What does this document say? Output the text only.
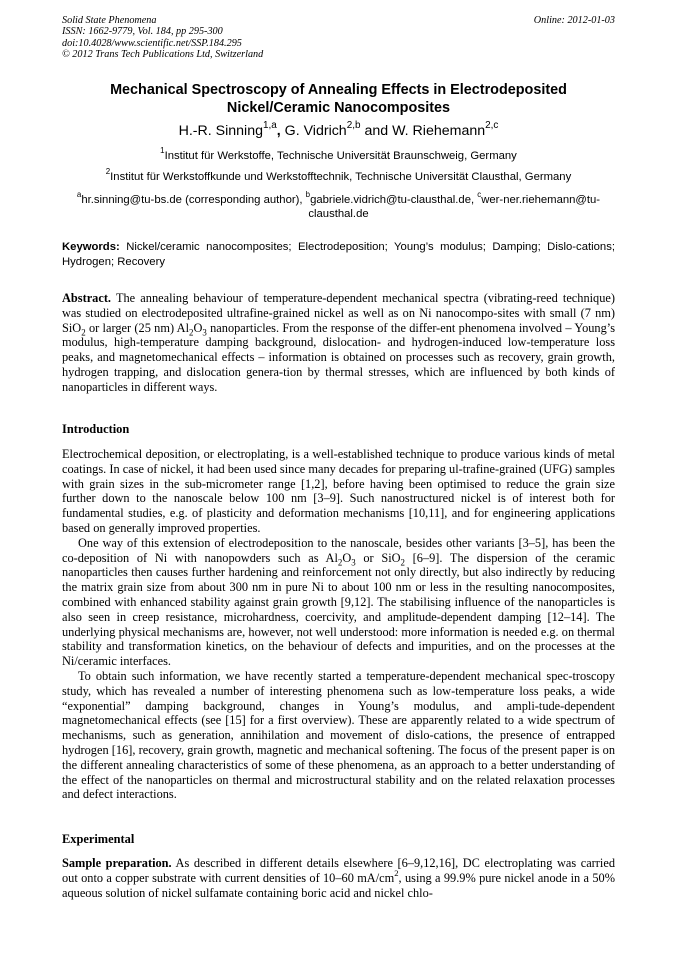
Solid State Phenomena
ISSN: 1662-9779, Vol. 184, pp 295-300
doi:10.4028/www.scientific.net/SSP.184.295
© 2012 Trans Tech Publications Ltd, Switzerland
Online: 2012-01-03
Mechanical Spectroscopy of Annealing Effects in Electrodeposited
Nickel/Ceramic Nanocomposites
H.-R. Sinning$^{1,a}$, G. Vidrich$^{2,b}$ and W. Riehemann$^{2,c}$
$^1$Institut für Werkstoffe, Technische Universität Braunschweig, Germany
$^2$Institut für Werkstoffkunde und Werkstofftechnik, Technische Universität Clausthal, Germany
$^a$hr.sinning@tu-bs.de (corresponding author), $^b$gabriele.vidrich@tu-clausthal.de, $^c$wer-ner.riehemann@tu-clausthal.de
Keywords: Nickel/ceramic nanocomposites; Electrodeposition; Young’s modulus; Damping; Dislo-cations; Hydrogen; Recovery

Abstract. The annealing behaviour of temperature-dependent mechanical spectra (vibrating-reed technique) was studied on electrodeposited ultrafine-grained nickel as well as on Ni nanocompo-sites with small (7 nm) SiO$_2$ or larger (25 nm) $Al_2O_3$ nanoparticles. From the response of the differ-ent phenomena involved – Young’s modulus, high-temperature damping background, dislocation- and hydrogen-induced low-temperature loss peaks, and magnetomechanical effects – information is obtained on processes such as recovery, grain growth, hydrogen trapping, and dislocation genera-tion by thermal stresses, which are influenced by both kinds of nanoparticles in different ways.

Introduction

Electrochemical deposition, or electroplating, is a well-established technique to produce various kinds of metal coatings. In case of nickel, it had been used since many decades for preparing ul-trafine-grained (UFG) samples with grain sizes in the sub-micrometer range [1,2], before having been optimised to reduce the grain size further down to the nanoscale below 100 nm [3–9]. Such nanostructured nickel is of interest both for fundamental studies, e.g. of plasticity and deformation mechanisms [10,11], and for engineering applications based on generally improved properties.

One way of this extension of electrodeposition to the nanoscale, besides other variants [3–5], has been the co-deposition of Ni with nanopowders such as $Al_2O_3$ or SiO$_2$ [6–9]. The dispersion of the ceramic nanoparticles then causes further hardening and reinforcement not only directly, but also indirectly by reducing the matrix grain size from about 300 nm in pure Ni to about 100 nm or less in the resulting nanocomposites, combined with enhanced stability against grain growth [9,12]. The stabilising influence of the nanoparticles is also seen in creep resistance, microhardness, coercivity, and amplitude-dependent damping [12–14]. The underlying physical mechanisms are, however, not well understood: more information is needed e.g. on thermal stability and transformation kinetics, on the behaviour of defects and impurities, and on the processes at the Ni/ceramic interfaces.

To obtain such information, we have recently started a temperature-dependent mechanical spec-troscopy study, which has revealed a number of interesting phenomena such as low-temperature loss peaks, a wide “exponential” damping background, changes in Young’s modulus, and ampli-tude-dependent magnetomechanical effects (see [15] for a first overview). These are apparently related to a wide spectrum of mechanisms, such as generation, annihilation and movement of dislo-cations, the presence of entrapped hydrogen [16], recovery, grain growth, magnetic and mechanical softening. The focus of the present paper is on the different annealing characteristics of some of these phenomena, as an approach to a better understanding of the effect of the nanoparticles on thermal and microstructural stability and on the related relaxation processes and defect interactions.

Experimental

Sample preparation. As described in different details elsewhere [6–9,12,16], DC electroplating was carried out onto a copper substrate with current densities of 10–60 $mA/cm^2$, using a 99.9% pure nickel anode in a 50% aqueous solution of nickel sulfamate containing boric acid and nickel chlo-
